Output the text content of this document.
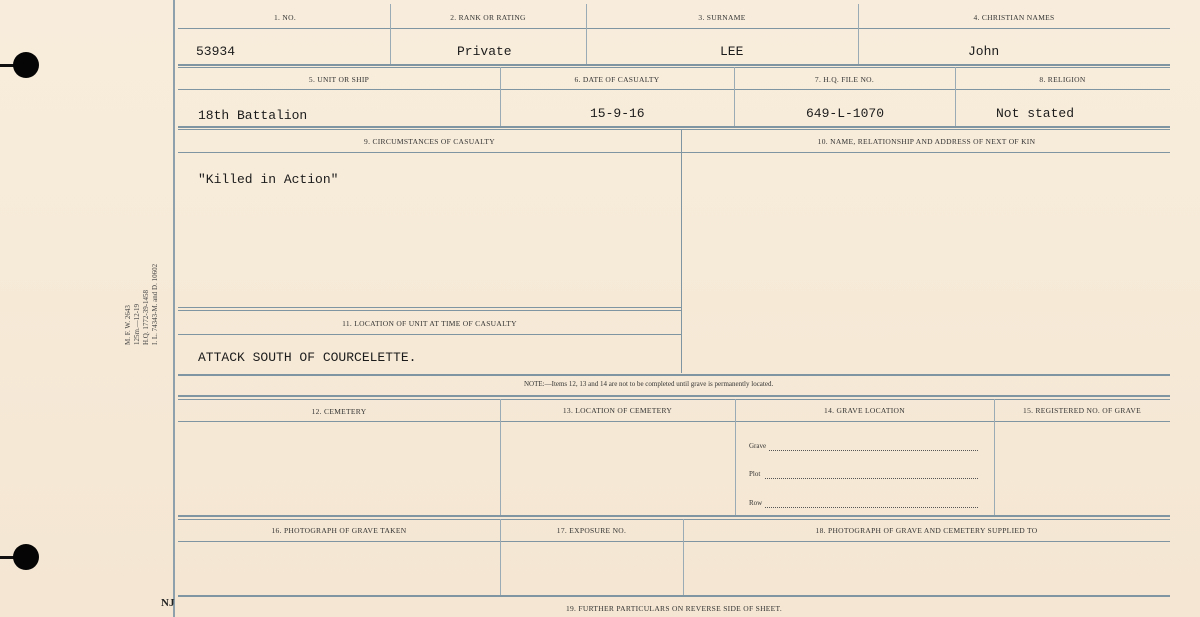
M. F. W. 2643 125m.—12-19 H.Q. 1772-39-1458 I. L. 74343-M. and D. 10602
NJ
1. NO.	2. RANK OR RATING	3. SURNAME	4. CHRISTIAN NAMES
53934	Private	LEE	John
5. UNIT OR SHIP	6. DATE OF CASUALTY	7. H.Q. FILE NO.	8. RELIGION
18th Battalion	15-9-16	649-L-1070	Not stated
9. CIRCUMSTANCES OF CASUALTY	10. NAME, RELATIONSHIP AND ADDRESS OF NEXT OF KIN
"Killed in Action"
11. LOCATION OF UNIT AT TIME OF CASUALTY
ATTACK SOUTH OF COURCELETTE.
NOTE:—Items 12, 13 and 14 are not to be completed until grave is permanently located.
12. CEMETERY	13. LOCATION OF CEMETERY	14. GRAVE LOCATION	15. REGISTERED NO. OF GRAVE
Grave
Plot
Row
16. PHOTOGRAPH OF GRAVE TAKEN	17. EXPOSURE NO.	18. PHOTOGRAPH OF GRAVE AND CEMETERY SUPPLIED TO
19. FURTHER PARTICULARS ON REVERSE SIDE OF SHEET.
